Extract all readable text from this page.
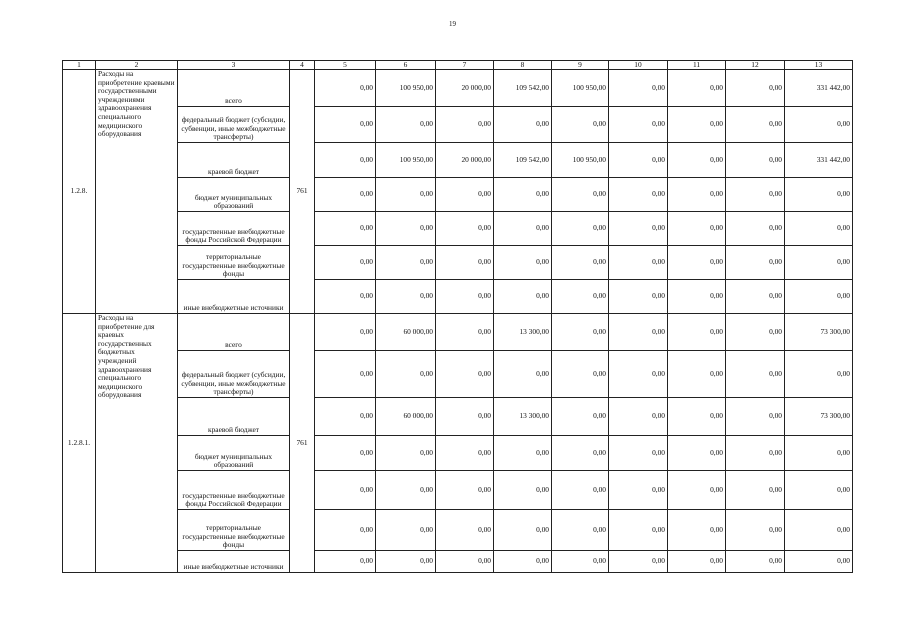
19
1	2	3	4	5	6	7	8	9	10	11	12	13
1.2.8.	Расходы на приобретение краевыми государственными учреждениями здравоохранения специального медицинского оборудования	всего	761	0,00	100 950,00	20 000,00	109 542,00	100 950,00	0,00	0,00	0,00	331 442,00
		федеральный бюджет (субсидии, субвенции, иные межбюджетные трансферты)		0,00	0,00	0,00	0,00	0,00	0,00	0,00	0,00	0,00
		краевой бюджет		0,00	100 950,00	20 000,00	109 542,00	100 950,00	0,00	0,00	0,00	331 442,00
		бюджет муниципальных образований		0,00	0,00	0,00	0,00	0,00	0,00	0,00	0,00	0,00
		государственные внебюджетные фонды Российской Федерации		0,00	0,00	0,00	0,00	0,00	0,00	0,00	0,00	0,00
		территориальные государственные внебюджетные фонды		0,00	0,00	0,00	0,00	0,00	0,00	0,00	0,00	0,00
		иные внебюджетные источники		0,00	0,00	0,00	0,00	0,00	0,00	0,00	0,00	0,00
1.2.8.1.	Расходы на приобретение для краевых государственных бюджетных учреждений здравоохранения специального медицинского оборудования	всего	761	0,00	60 000,00	0,00	13 300,00	0,00	0,00	0,00	0,00	73 300,00
		федеральный бюджет (субсидии, субвенции, иные межбюджетные трансферты)		0,00	0,00	0,00	0,00	0,00	0,00	0,00	0,00	0,00
		краевой бюджет		0,00	60 000,00	0,00	13 300,00	0,00	0,00	0,00	0,00	73 300,00
		бюджет муниципальных образований		0,00	0,00	0,00	0,00	0,00	0,00	0,00	0,00	0,00
		государственные внебюджетные фонды Российской Федерации		0,00	0,00	0,00	0,00	0,00	0,00	0,00	0,00	0,00
		территориальные государственные внебюджетные фонды		0,00	0,00	0,00	0,00	0,00	0,00	0,00	0,00	0,00
		иные внебюджетные источники		0,00	0,00	0,00	0,00	0,00	0,00	0,00	0,00	0,00
